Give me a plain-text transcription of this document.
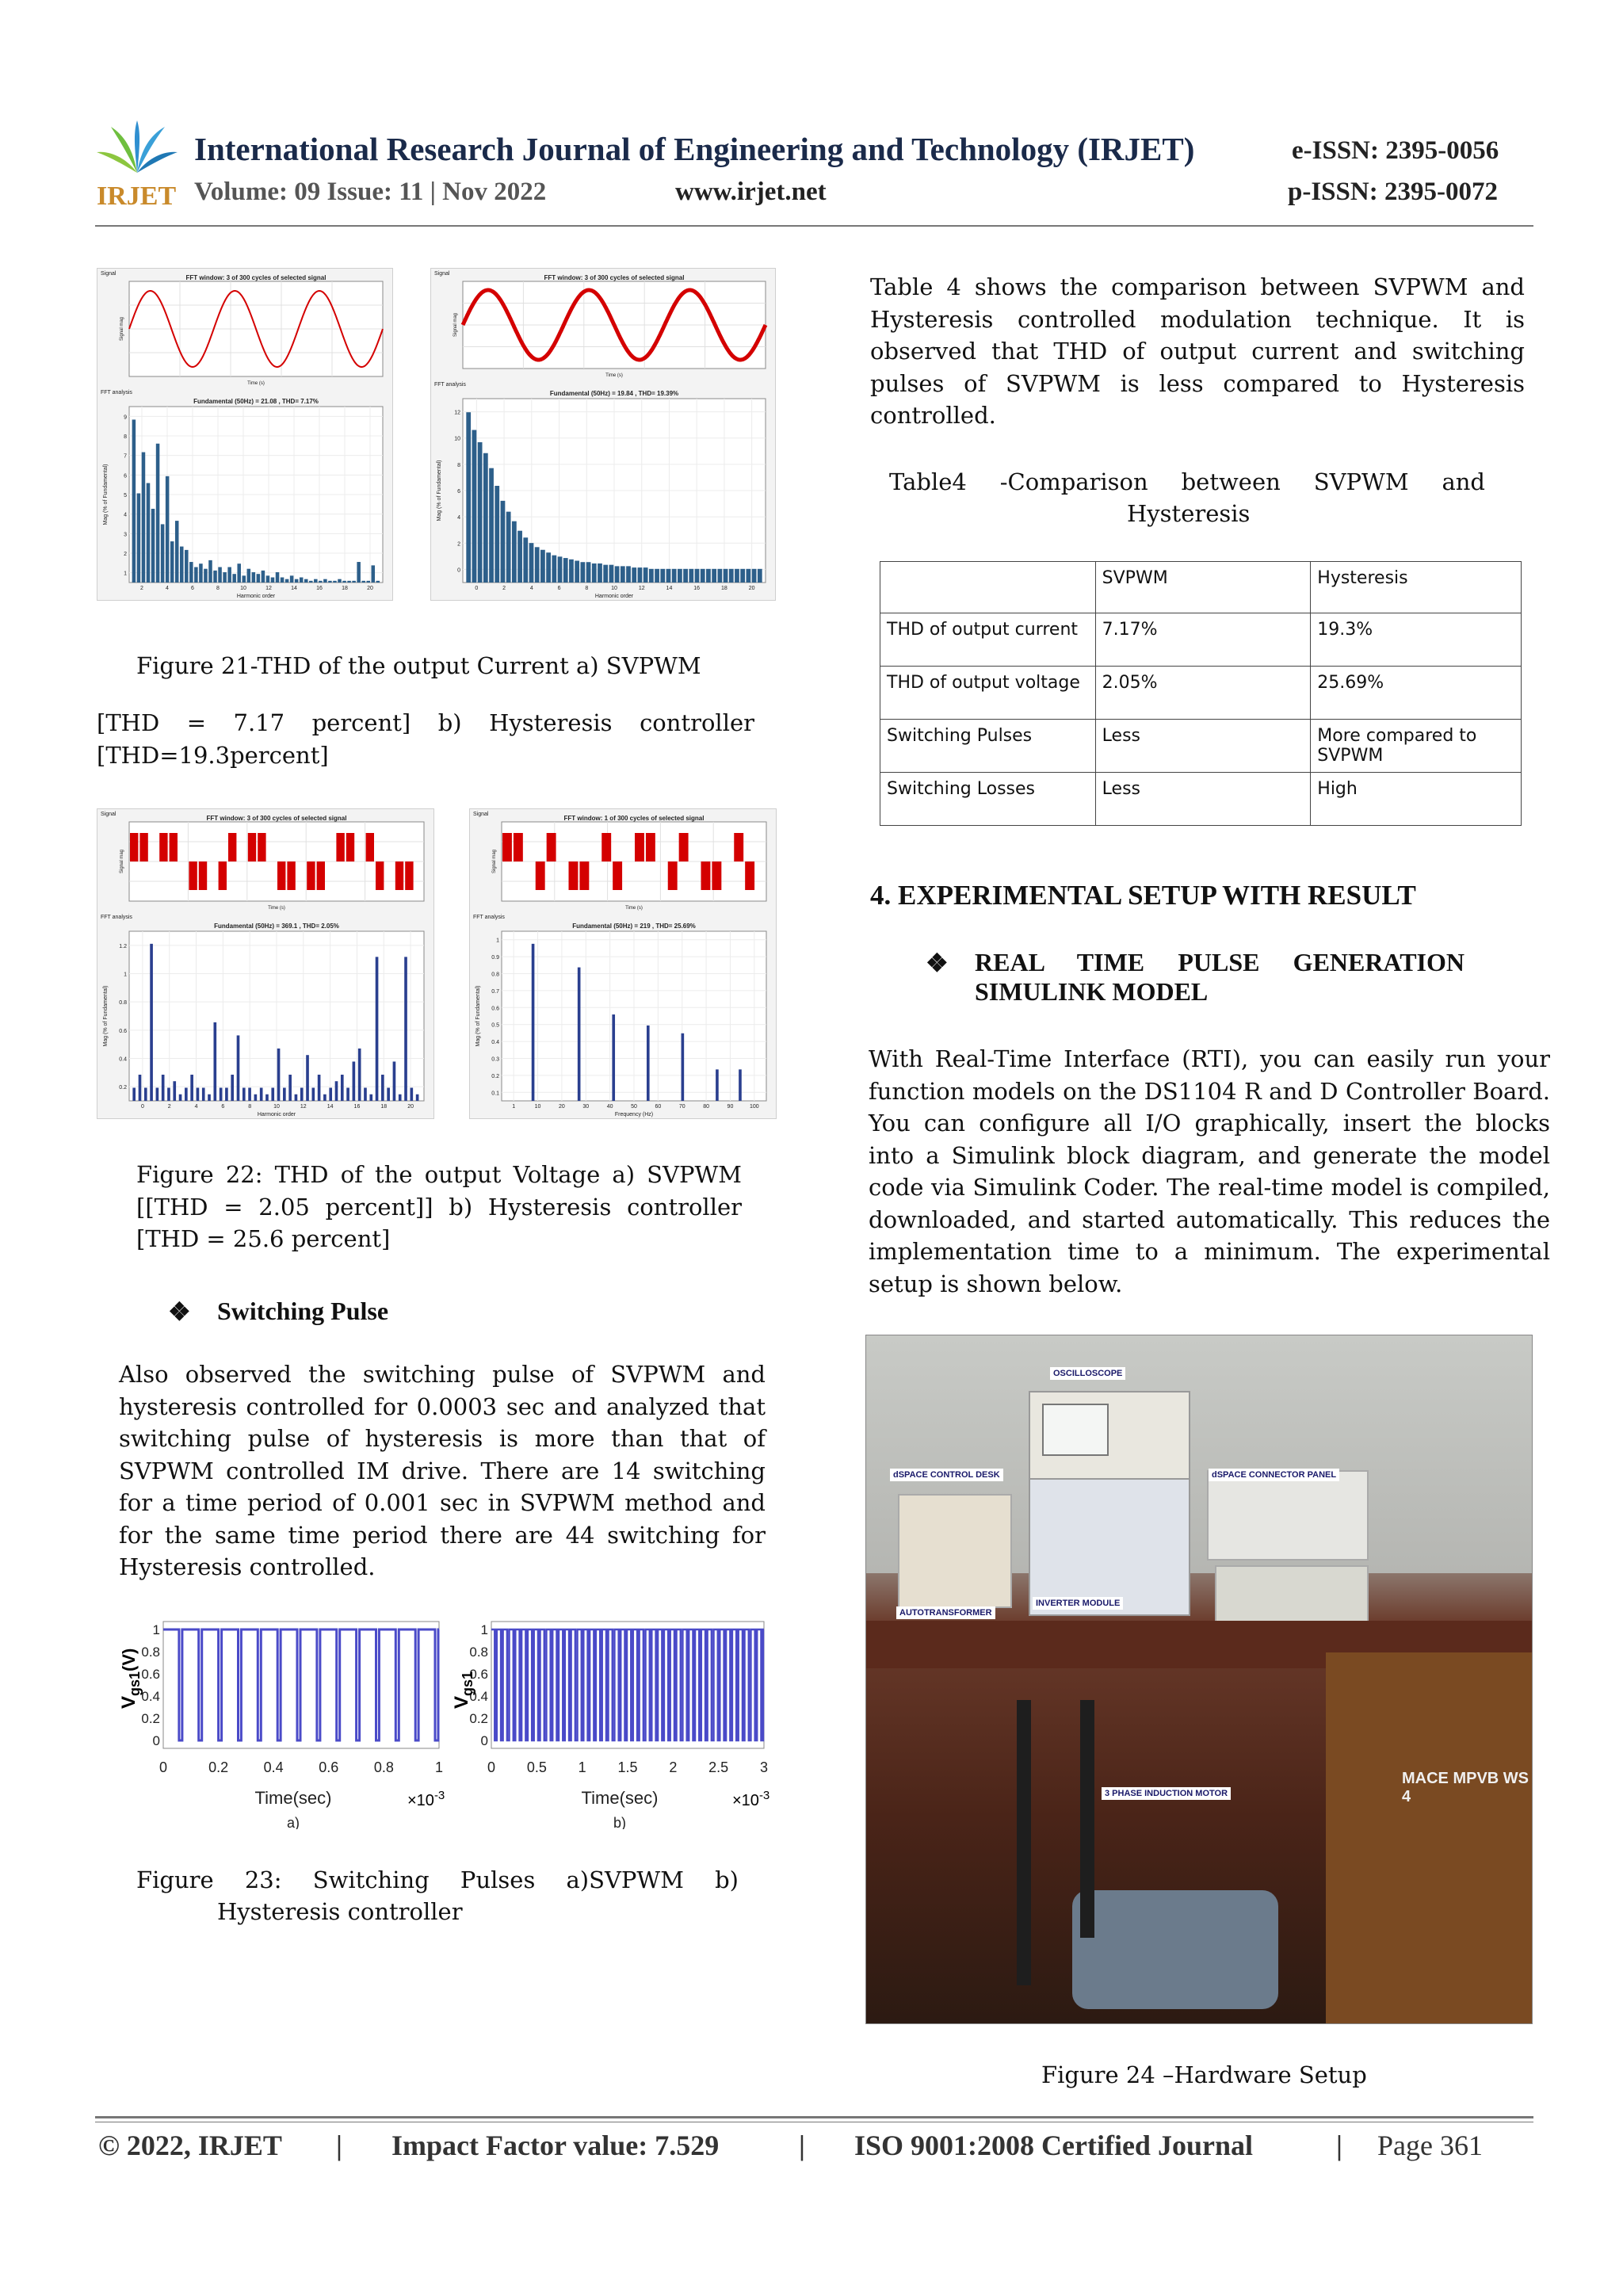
IRJET
International Research Journal of Engineering and Technology (IRJET)
Volume: 09 Issue: 11 | Nov 2022	www.irjet.net
e-ISSN: 2395-0056
p-ISSN: 2395-0072
Signal
FFT window: 3 of 300 cycles of selected signal
Signal mag
Time (s)
FFT analysis
Fundamental (50Hz) = 21.08 , THD= 7.17%
2	4	6	8	10	12	14	16	18	20
9
8
7
6
5
4
3
2
1
Harmonic order
Mag (% of Fundamental)
Signal
FFT window: 3 of 300 cycles of selected signal
Signal mag
Time (s)
FFT analysis
Fundamental (50Hz) = 19.84 , THD= 19.39%
0	2	4	6	8	10	12	14	16	18	20
12
10
8
6
4
2
0
Harmonic order
Mag (% of Fundamental)
Figure 21-THD of the output Current a) SVPWM
[THD = 7.17 percent] b) Hysteresis controller [THD=19.3percent]
Signal
FFT window: 3 of 300 cycles of selected signal
Signal mag
Time (s)
FFT analysis
Fundamental (50Hz) = 369.1 , THD= 2.05%
0	2	4	6	8	10	12	14	16	18	20
1.2
1
0.8
0.6
0.4
0.2
Harmonic order
Mag (% of Fundamental)
Signal
FFT window: 1 of 300 cycles of selected signal
Signal mag
Time (s)
FFT analysis
Fundamental (50Hz) = 219 , THD= 25.69%
1	10	20	30	40	50	60	70	80	90	100
1
0.9
0.8
0.7
0.6
0.5
0.4
0.3
0.2
0.1
Frequency (Hz)
Mag (% of Fundamental)
Figure 22: THD of the output Voltage a) SVPWM [[THD = 2.05 percent]] b) Hysteresis controller [THD = 25.6 percent]
❖ Switching Pulse
Also observed the switching pulse of SVPWM and hysteresis controlled for 0.0003 sec and analyzed that switching pulse of hysteresis is more than that of SVPWM controlled IM drive. There are 14 switching for a time period of 0.001 sec in SVPWM method and for the same time period there are 44 switching for Hysteresis controlled.
1
0.8
0.6
0.4
0.2
0
0	0.2 0.4 0.6 0.8	1
$V_{gs1}(V)$
Time(sec)	$\times 10^{-3}$
a)
1
0.8
0.6
0.4
0.2
0
0 0.5 1 1.5 2 2.5 3
$V_{gs1}$
Time(sec)	$\times 10^{-3}$
b)
Figure 23: Switching Pulses a)SVPWM b)
Hysteresis controller
Table 4 shows the comparison between SVPWM and Hysteresis controlled modulation technique. It is observed that THD of output current and switching pulses of SVPWM is less compared to Hysteresis controlled.
Table4 -Comparison between SVPWM and
Hysteresis
	SVPWM	Hysteresis
THD of output current	7.17%	19.3%
THD of output voltage	2.05%	25.69%
Switching Pulses	Less	More compared to SVPWM
Switching Losses	Less	High
4. EXPERIMENTAL SETUP WITH RESULT
❖ REAL TIME PULSE GENERATION
SIMULINK MODEL
With Real-Time Interface (RTI), you can easily run your function models on the DS1104 R and D Controller Board. You can configure all I/O graphically, insert the blocks into a Simulink block diagram, and generate the model code via Simulink Coder. The real-time model is compiled, downloaded, and started automatically. This reduces the implementation time to a minimum. The experimental setup is shown below.
OSCILLOSCOPE
dSPACE CONTROL DESK	dSPACE CONNECTOR PANEL
AUTOTRANSFORMER
INVERTER MODULE
3 PHASE INDUCTION MOTOR
MACE MPVB WS 4
Figure 24 –Hardware Setup
© 2022, IRJET | Impact Factor value: 7.529	| ISO 9001:2008 Certified Journal	| Page 361
